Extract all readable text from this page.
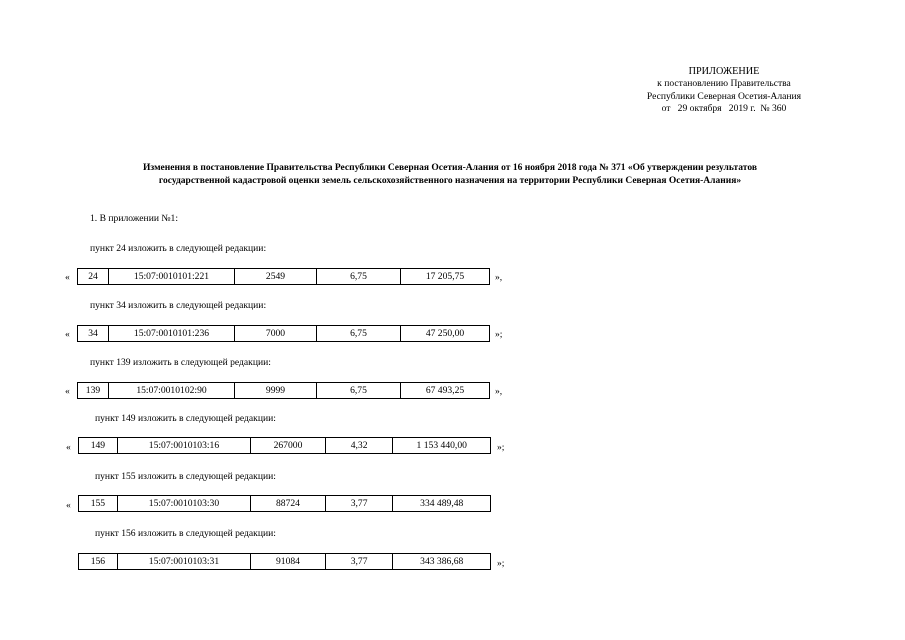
ПРИЛОЖЕНИЕ
к постановлению Правительства
Республики Северная Осетия-Алания
от   29 октября   2019 г.  № 360
Изменения в постановление Правительства Республики Северная Осетия-Алания от 16 ноября 2018 года № 371 «Об утверждении результатов
государственной кадастровой оценки земель сельскохозяйственного назначения на территории Республики Северная Осетия-Алания»
1. В приложении №1:
пункт 24 изложить в следующей редакции:
«	24	15:07:0010101:221	2549	6,75	17 205,75	»,
пункт 34 изложить в следующей редакции:
«	34	15:07:0010101:236	7000	6,75	47 250,00	»;
пункт 139 изложить в следующей редакции:
«	139	15:07:0010102:90	9999	6,75	67 493,25	»,
пункт 149 изложить в следующей редакции:
«	149	15:07:0010103:16	267000	4,32	1 153 440,00	»;
пункт 155 изложить в следующей редакции:
«	155	15:07:0010103:30	88724	3,77	334 489,48
пункт 156 изложить в следующей редакции:
156	15:07:0010103:31	91084	3,77	343 386,68	»;
